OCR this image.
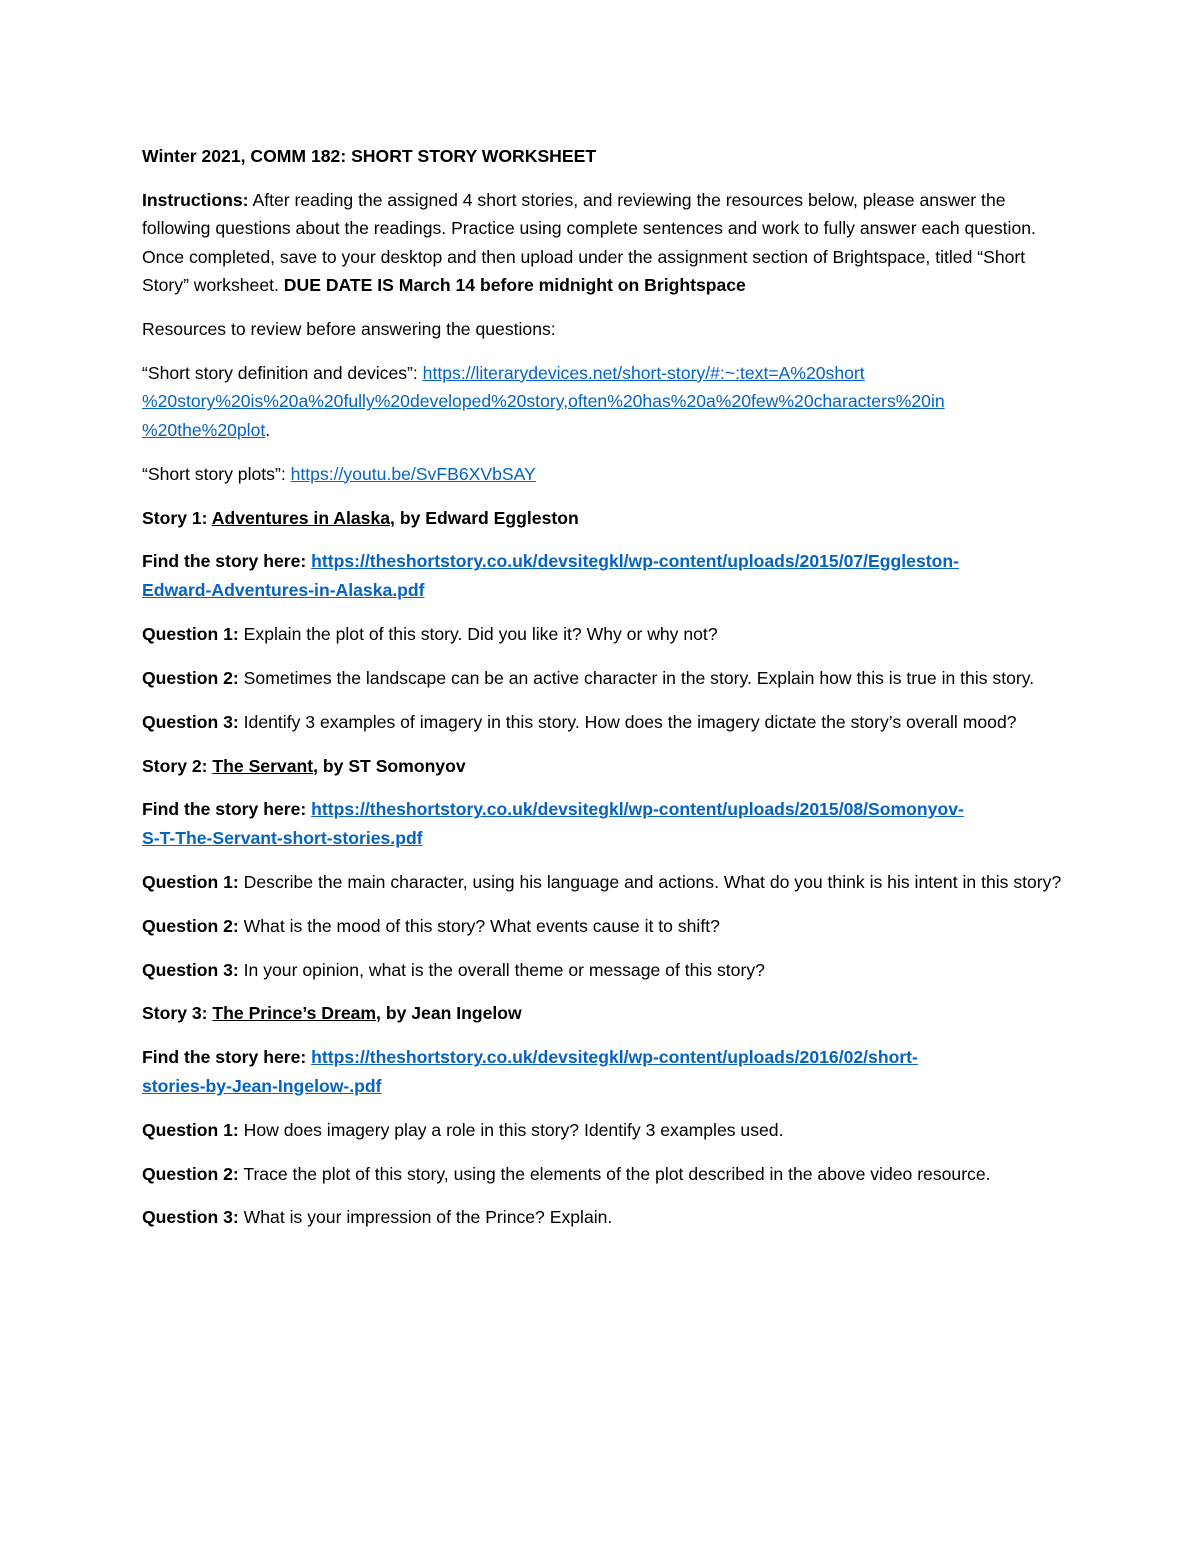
Winter 2021, COMM 182: SHORT STORY WORKSHEET

Instructions: After reading the assigned 4 short stories, and reviewing the resources below, please answer the following questions about the readings. Practice using complete sentences and work to fully answer each question. Once completed, save to your desktop and then upload under the assignment section of Brightspace, titled “Short Story” worksheet. DUE DATE IS March 14 before midnight on Brightspace

Resources to review before answering the questions:

“Short story definition and devices”: https://literarydevices.net/short-story/#:~:text=A%20short
%20story%20is%20a%20fully%20developed%20story,often%20has%20a%20few%20characters%20in
%20the%20plot.

“Short story plots”: https://youtu.be/SvFB6XVbSAY

Story 1: Adventures in Alaska, by Edward Eggleston

Find the story here: https://theshortstory.co.uk/devsitegkl/wp-content/uploads/2015/07/Eggleston-
Edward-Adventures-in-Alaska.pdf

Question 1: Explain the plot of this story. Did you like it? Why or why not?

Question 2: Sometimes the landscape can be an active character in the story. Explain how this is true in this story.

Question 3: Identify 3 examples of imagery in this story. How does the imagery dictate the story’s overall mood?

Story 2: The Servant, by ST Somonyov

Find the story here: https://theshortstory.co.uk/devsitegkl/wp-content/uploads/2015/08/Somonyov-
S-T-The-Servant-short-stories.pdf

Question 1: Describe the main character, using his language and actions. What do you think is his intent in this story?

Question 2: What is the mood of this story? What events cause it to shift?

Question 3: In your opinion, what is the overall theme or message of this story?

Story 3: The Prince’s Dream, by Jean Ingelow

Find the story here: https://theshortstory.co.uk/devsitegkl/wp-content/uploads/2016/02/short-
stories-by-Jean-Ingelow-.pdf

Question 1: How does imagery play a role in this story? Identify 3 examples used.

Question 2: Trace the plot of this story, using the elements of the plot described in the above video resource.

Question 3: What is your impression of the Prince? Explain.
